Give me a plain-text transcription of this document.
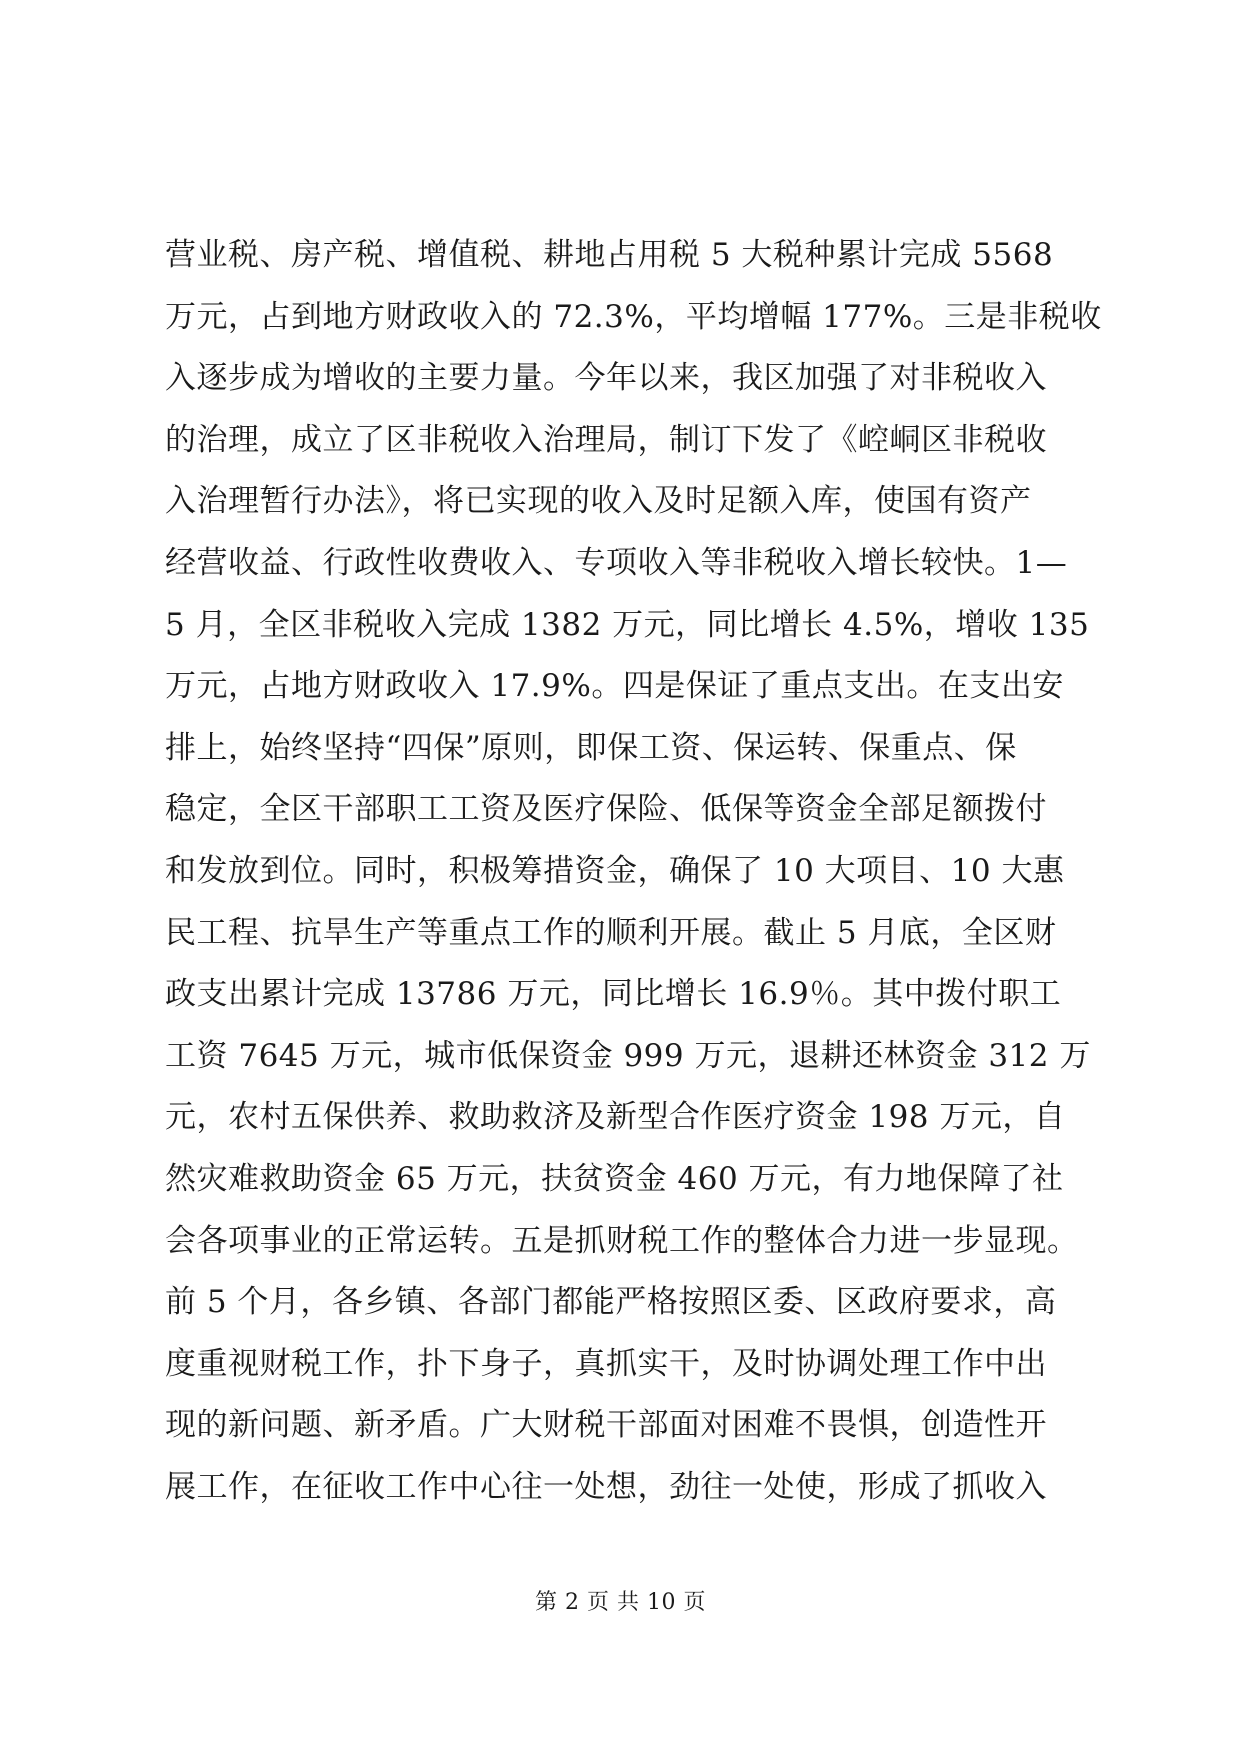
营业税、房产税、增值税、耕地占用税 5 大税种累计完成 5568
万元，占到地方财政收入的 72.3%，平均增幅 177%。三是非税收
入逐步成为增收的主要力量。今年以来，我区加强了对非税收入
的治理，成立了区非税收入治理局，制订下发了《崆峒区非税收
入治理暂行办法》，将已实现的收入及时足额入库，使国有资产
经营收益、行政性收费收入、专项收入等非税收入增长较快。1—
5 月，全区非税收入完成 1382 万元，同比增长 4.5%，增收 135
万元，占地方财政收入 17.9%。四是保证了重点支出。在支出安
排上，始终坚持“四保”原则，即保工资、保运转、保重点、保
稳定，全区干部职工工资及医疗保险、低保等资金全部足额拨付
和发放到位。同时，积极筹措资金，确保了 10 大项目、10 大惠
民工程、抗旱生产等重点工作的顺利开展。截止 5 月底，全区财
政支出累计完成 13786 万元，同比增长 16.9％。其中拨付职工
工资 7645 万元，城市低保资金 999 万元，退耕还林资金 312 万
元，农村五保供养、救助救济及新型合作医疗资金 198 万元，自
然灾难救助资金 65 万元，扶贫资金 460 万元，有力地保障了社
会各项事业的正常运转。五是抓财税工作的整体合力进一步显现。
前 5 个月，各乡镇、各部门都能严格按照区委、区政府要求，高
度重视财税工作，扑下身子，真抓实干，及时协调处理工作中出
现的新问题、新矛盾。广大财税干部面对困难不畏惧，创造性开
展工作，在征收工作中心往一处想，劲往一处使，形成了抓收入
第 2 页 共 10 页
